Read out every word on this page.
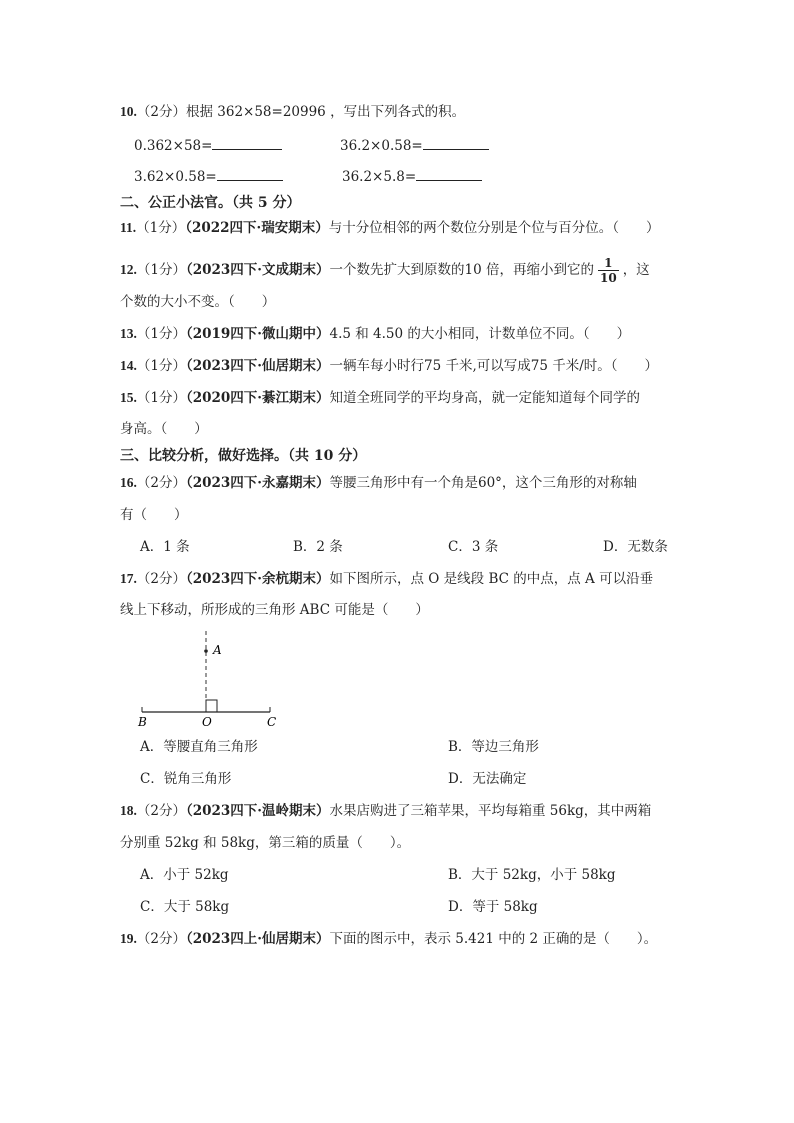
10.（2分）根据 362×58=20996 ，写出下列各式的积。
0.362×58=	36.2×0.58=
3.62×0.58=	36.2×5.8=
二、公正小法官。（共 5 分）
11.（1分）（2022四下·瑞安期末）与十分位相邻的两个数位分别是个位与百分位。（　　）
12.（1分）（2023四下·文成期末）一个数先扩大到原数的10 倍，再缩小到它的 $\frac{1}{10}$ ，这
个数的大小不变。（　　）
13.（1分）（2019四下·微山期中）4.5 和 4.50 的大小相同，计数单位不同。（　　）
14.（1分）（2023四下·仙居期末）一辆车每小时行75 千米,可以写成75 千米/时。（　　）
15.（1分）（2020四下·綦江期末）知道全班同学的平均身高，就一定能知道每个同学的
身高。（　　）
三、比较分析，做好选择。（共 10 分）
16.（2分）（2023四下·永嘉期末）等腰三角形中有一个角是60°，这个三角形的对称轴
有（　　）
A．1 条	B．2 条	C．3 条	D．无数条
17.（2分）（2023四下·余杭期末）如下图所示，点 O 是线段 BC 的中点，点 A 可以沿垂
线上下移动，所形成的三角形 ABC 可能是（　　）
A
B	O	C
A．等腰直角三角形	B．等边三角形
C．锐角三角形	D．无法确定
18.（2分）（2023四下·温岭期末）水果店购进了三箱苹果，平均每箱重 56kg，其中两箱
分别重 52kg 和 58kg，第三箱的质量（　　）。
A．小于 52kg	B．大于 52kg，小于 58kg
C．大于 58kg	D．等于 58kg
19.（2分）（2023四上·仙居期末）下面的图示中，表示 5.421 中的 2 正确的是（　　）。
